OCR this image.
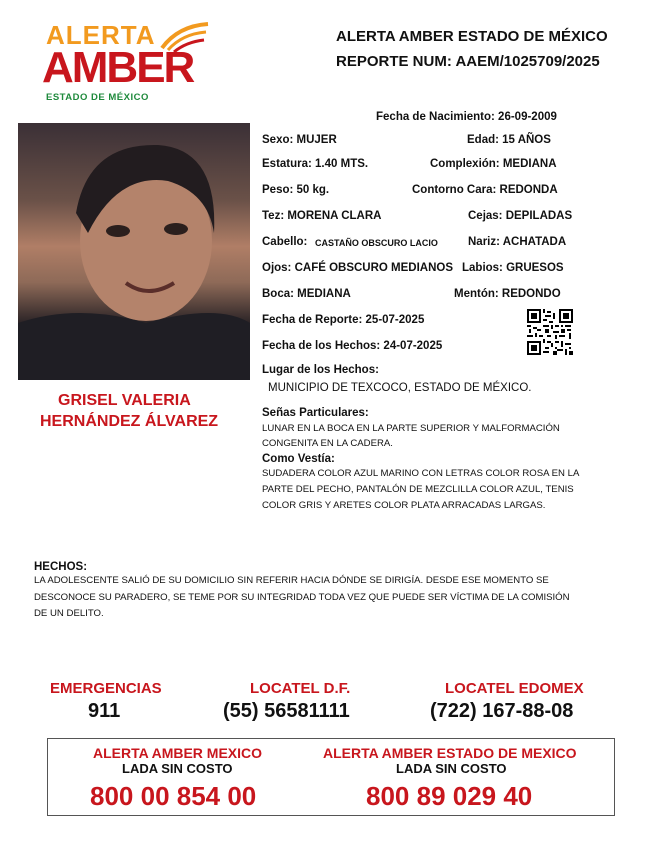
ALERTA
AMBER
ESTADO DE MÉXICO
ALERTA AMBER ESTADO DE MÉXICO
REPORTE NUM: AAEM/1025709/2025
GRISEL VALERIA
HERNÁNDEZ ÁLVAREZ
Fecha de Nacimiento: 26-09-2009
Sexo: MUJER	Edad: 15 AÑOS
Estatura: 1.40 MTS.	Complexión: MEDIANA
Peso: 50 kg.	Contorno Cara: REDONDA
Tez: MORENA CLARA	Cejas: DEPILADAS
Cabello: CASTAÑO OBSCURO LACIO	Nariz: ACHATADA
Ojos: CAFÉ OBSCURO MEDIANOS Labios: GRUESOS
Boca: MEDIANA	Mentón: REDONDO
Fecha de Reporte: 25-07-2025
Fecha de los Hechos: 24-07-2025
Lugar de los Hechos:
MUNICIPIO DE TEXCOCO, ESTADO DE MÉXICO.
Señas Particulares:
LUNAR EN LA BOCA EN LA PARTE SUPERIOR Y MALFORMACIÓN
CONGENITA EN LA CADERA.
Como Vestía:
SUDADERA COLOR AZUL MARINO CON LETRAS COLOR ROSA EN LA
PARTE DEL PECHO, PANTALÓN DE MEZCLILLA COLOR AZUL, TENIS
COLOR GRIS Y ARETES COLOR PLATA ARRACADAS LARGAS.
HECHOS:
LA ADOLESCENTE SALIÓ DE SU DOMICILIO SIN REFERIR HACIA DÓNDE SE DIRIGÍA. DESDE ESE MOMENTO SE
DESCONOCE SU PARADERO, SE TEME POR SU INTEGRIDAD TODA VEZ QUE PUEDE SER VÍCTIMA DE LA COMISIÓN
DE UN DELITO.
EMERGENCIAS
911
LOCATEL D.F.
(55) 56581111
LOCATEL EDOMEX
(722) 167-88-08
ALERTA AMBER MEXICO
LADA SIN COSTO
800 00 854 00
ALERTA AMBER ESTADO DE MEXICO
LADA SIN COSTO
800 89 029 40
